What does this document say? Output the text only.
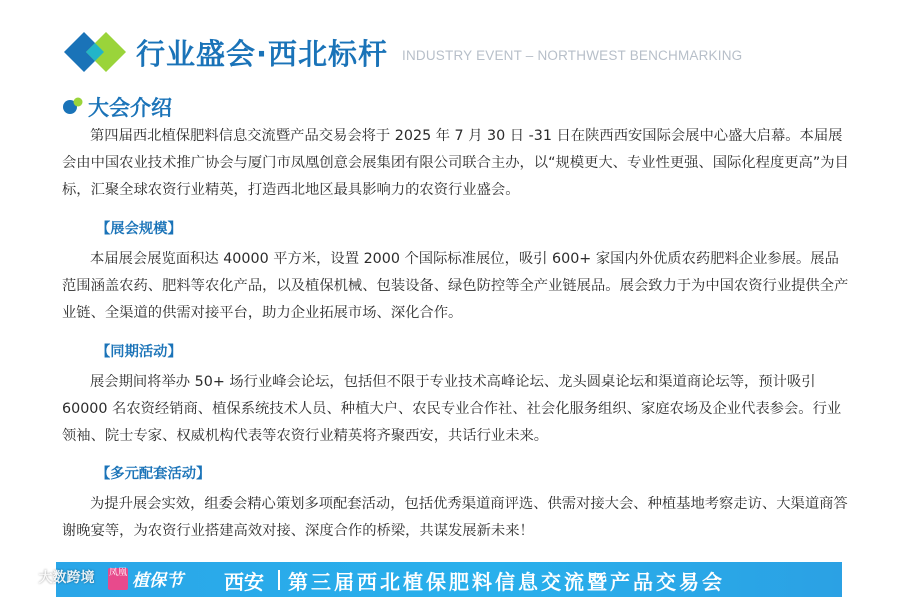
行业盛会·西北标杆 INDUSTRY EVENT – NORTHWEST BENCHMARKING
大会介绍

第四届西北植保肥料信息交流暨产品交易会将于 2025 年 7 月 30 日 -31 日在陕西西安国际会展中心盛大启幕。本届展会由中国农业技术推广协会与厦门市凤凰创意会展集团有限公司联合主办，以“规模更大、专业性更强、国际化程度更高”为目标，汇聚全球农资行业精英，打造西北地区最具影响力的农资行业盛会。

【展会规模】

本届展会展览面积达 40000 平方米，设置 2000 个国际标准展位，吸引 600+ 家国内外优质农药肥料企业参展。展品范围涵盖农药、肥料等农化产品，以及植保机械、包装设备、绿色防控等全产业链展品。展会致力于为中国农资行业提供全产业链、全渠道的供需对接平台，助力企业拓展市场、深化合作。

【同期活动】

展会期间将举办 50+ 场行业峰会论坛，包括但不限于专业技术高峰论坛、龙头圆桌论坛和渠道商论坛等，预计吸引 60000 名农资经销商、植保系统技术人员、种植大户、农民专业合作社、社会化服务组织、家庭农场及企业代表参会。行业领袖、院士专家、权威机构代表等农资行业精英将齐聚西安，共话行业未来。

【多元配套活动】

为提升展会实效，组委会精心策划多项配套活动，包括优秀渠道商评选、供需对接大会、种植基地考察走访、大渠道商答谢晚宴等，为农资行业搭建高效对接、深度合作的桥梁，共谋发展新未来！

凤凰 植保节 西安 第三届西北植保肥料信息交流暨产品交易会
大数跨境
